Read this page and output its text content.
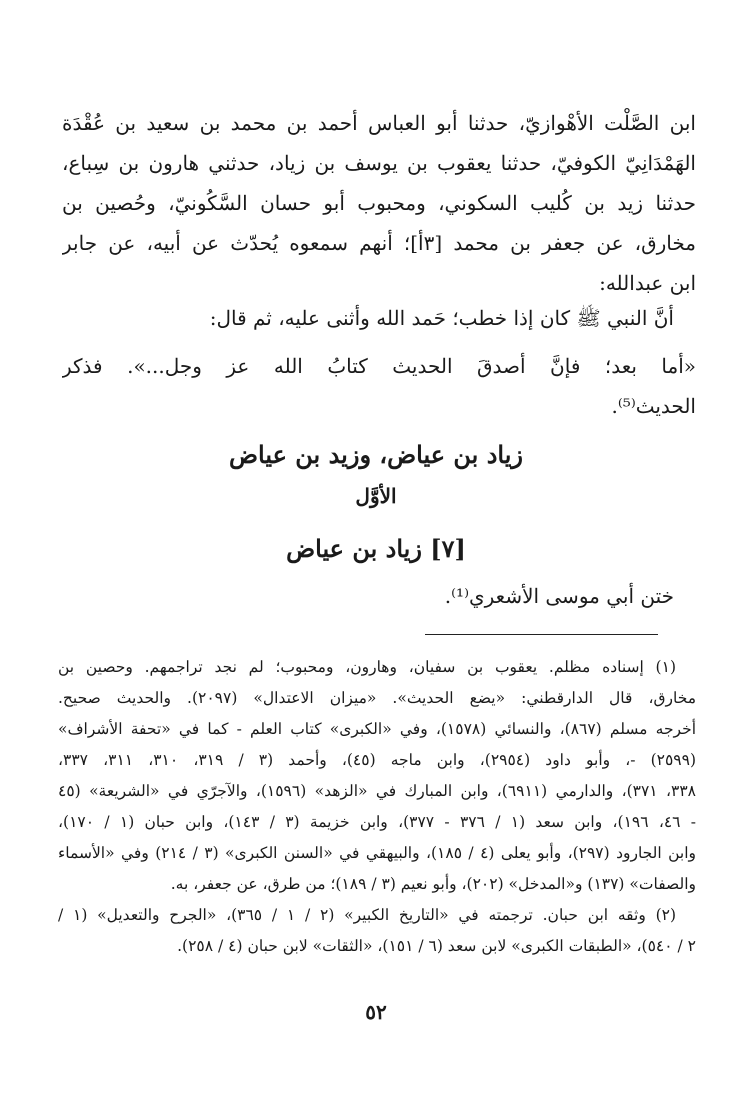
ابن الصَّلْت الأهْوازيّ، حدثنا أبو العباس أحمد بن محمد بن سعيد بن عُقْدَة
الهَمْدَانِيّ الكوفيّ، حدثنا يعقوب بن يوسف بن زياد، حدثني هارون بن سِباع،
حدثنا زيد بن كُليب السكوني، ومحبوب أبو حسان السَّكُونيّ، وحُصين بن
مخارق، عن جعفر بن محمد [٣أ]؛ أنهم سمعوه يُحدّث عن أبيه، عن جابر
ابن عبدالله:
أنَّ النبي ﷺ كان إذا خطب؛ حَمد الله وأثنى عليه، ثم قال:
«أما بعد؛ فإنَّ أصدقَ الحديث كتابُ الله عز وجل...». فذكر
الحديث⁽⁵⁾.
زياد بن عياض، وزيد بن عياض
الأوَّل
[٧] زياد بن عياض
ختن أبي موسى الأشعري⁽¹⁾.
(١) إسناده مظلم. يعقوب بن سفيان، وهارون، ومحبوب؛ لم نجد تراجمهم. وحصين بن
مخارق، قال الدارقطني: «يضع الحديث». «ميزان الاعتدال» (٢٠٩٧). والحديث صحيح.
أخرجه مسلم (٨٦٧)، والنسائي (١٥٧٨)، وفي «الكبرى» كتاب العلم - كما في «تحفة الأشراف»
(٢٥٩٩) -، وأبو داود (٢٩٥٤)، وابن ماجه (٤٥)، وأحمد (٣ / ٣١٩، ٣١٠، ٣١١، ٣٣٧،
٣٣٨، ٣٧١)، والدارمي (٦٩١١)، وابن المبارك في «الزهد» (١٥٩٦)، والآجرّي في «الشريعة» (٤٥
- ٤٦، ١٩٦)، وابن سعد (١ / ٣٧٦ - ٣٧٧)، وابن خزيمة (٣ / ١٤٣)، وابن حبان (١ / ١٧٠)،
وابن الجارود (٢٩٧)، وأبو يعلى (٤ / ١٨٥)، والبيهقي في «السنن الكبرى» (٣ / ٢١٤) وفي «الأسماء
والصفات» (١٣٧) و«المدخل» (٢٠٢)، وأبو نعيم (٣ / ١٨٩)؛ من طرق، عن جعفر، به.
(٢) وثقه ابن حبان. ترجمته في «التاريخ الكبير» (٢ / ١ / ٣٦٥)، «الجرح والتعديل» (١ /
٢ / ٥٤٠)، «الطبقات الكبرى» لابن سعد (٦ / ١٥١)، «الثقات» لابن حبان (٤ / ٢٥٨).
٥٢
